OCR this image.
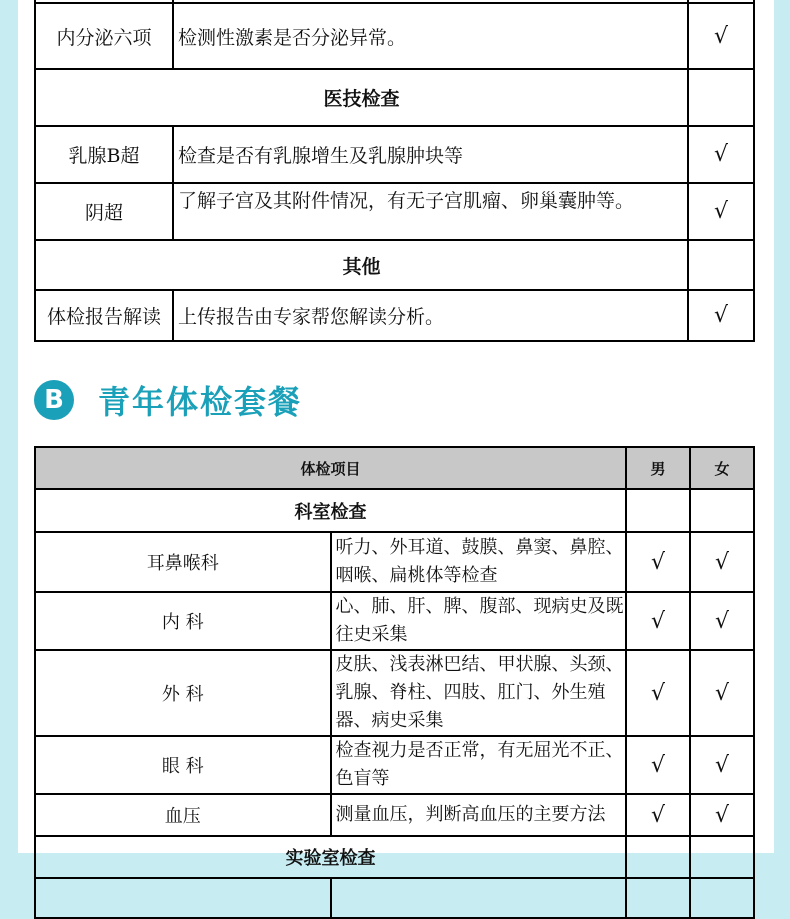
内分泌六项	检测性激素是否分泌异常。	√
医技检查		
乳腺B超	检查是否有乳腺增生及乳腺肿块等	√
阴超	了解子宫及其附件情况，有无子宫肌瘤、卵巢囊肿等。	√
其他		
体检报告解读	上传报告由专家帮您解读分析。	√
B	青年体检套餐
体检项目		男	女
科室检查			
耳鼻喉科	听力、外耳道、鼓膜、鼻窦、鼻腔、咽喉、扁桃体等检查	√	√
内 科	心、肺、肝、脾、腹部、现病史及既往史采集	√	√
外 科	皮肤、浅表淋巴结、甲状腺、头颈、乳腺、脊柱、四肢、肛门、外生殖器、病史采集	√	√
眼 科	检查视力是否正常，有无屈光不正、色盲等	√	√
血压	测量血压，判断高血压的主要方法	√	√
实验室检查			
